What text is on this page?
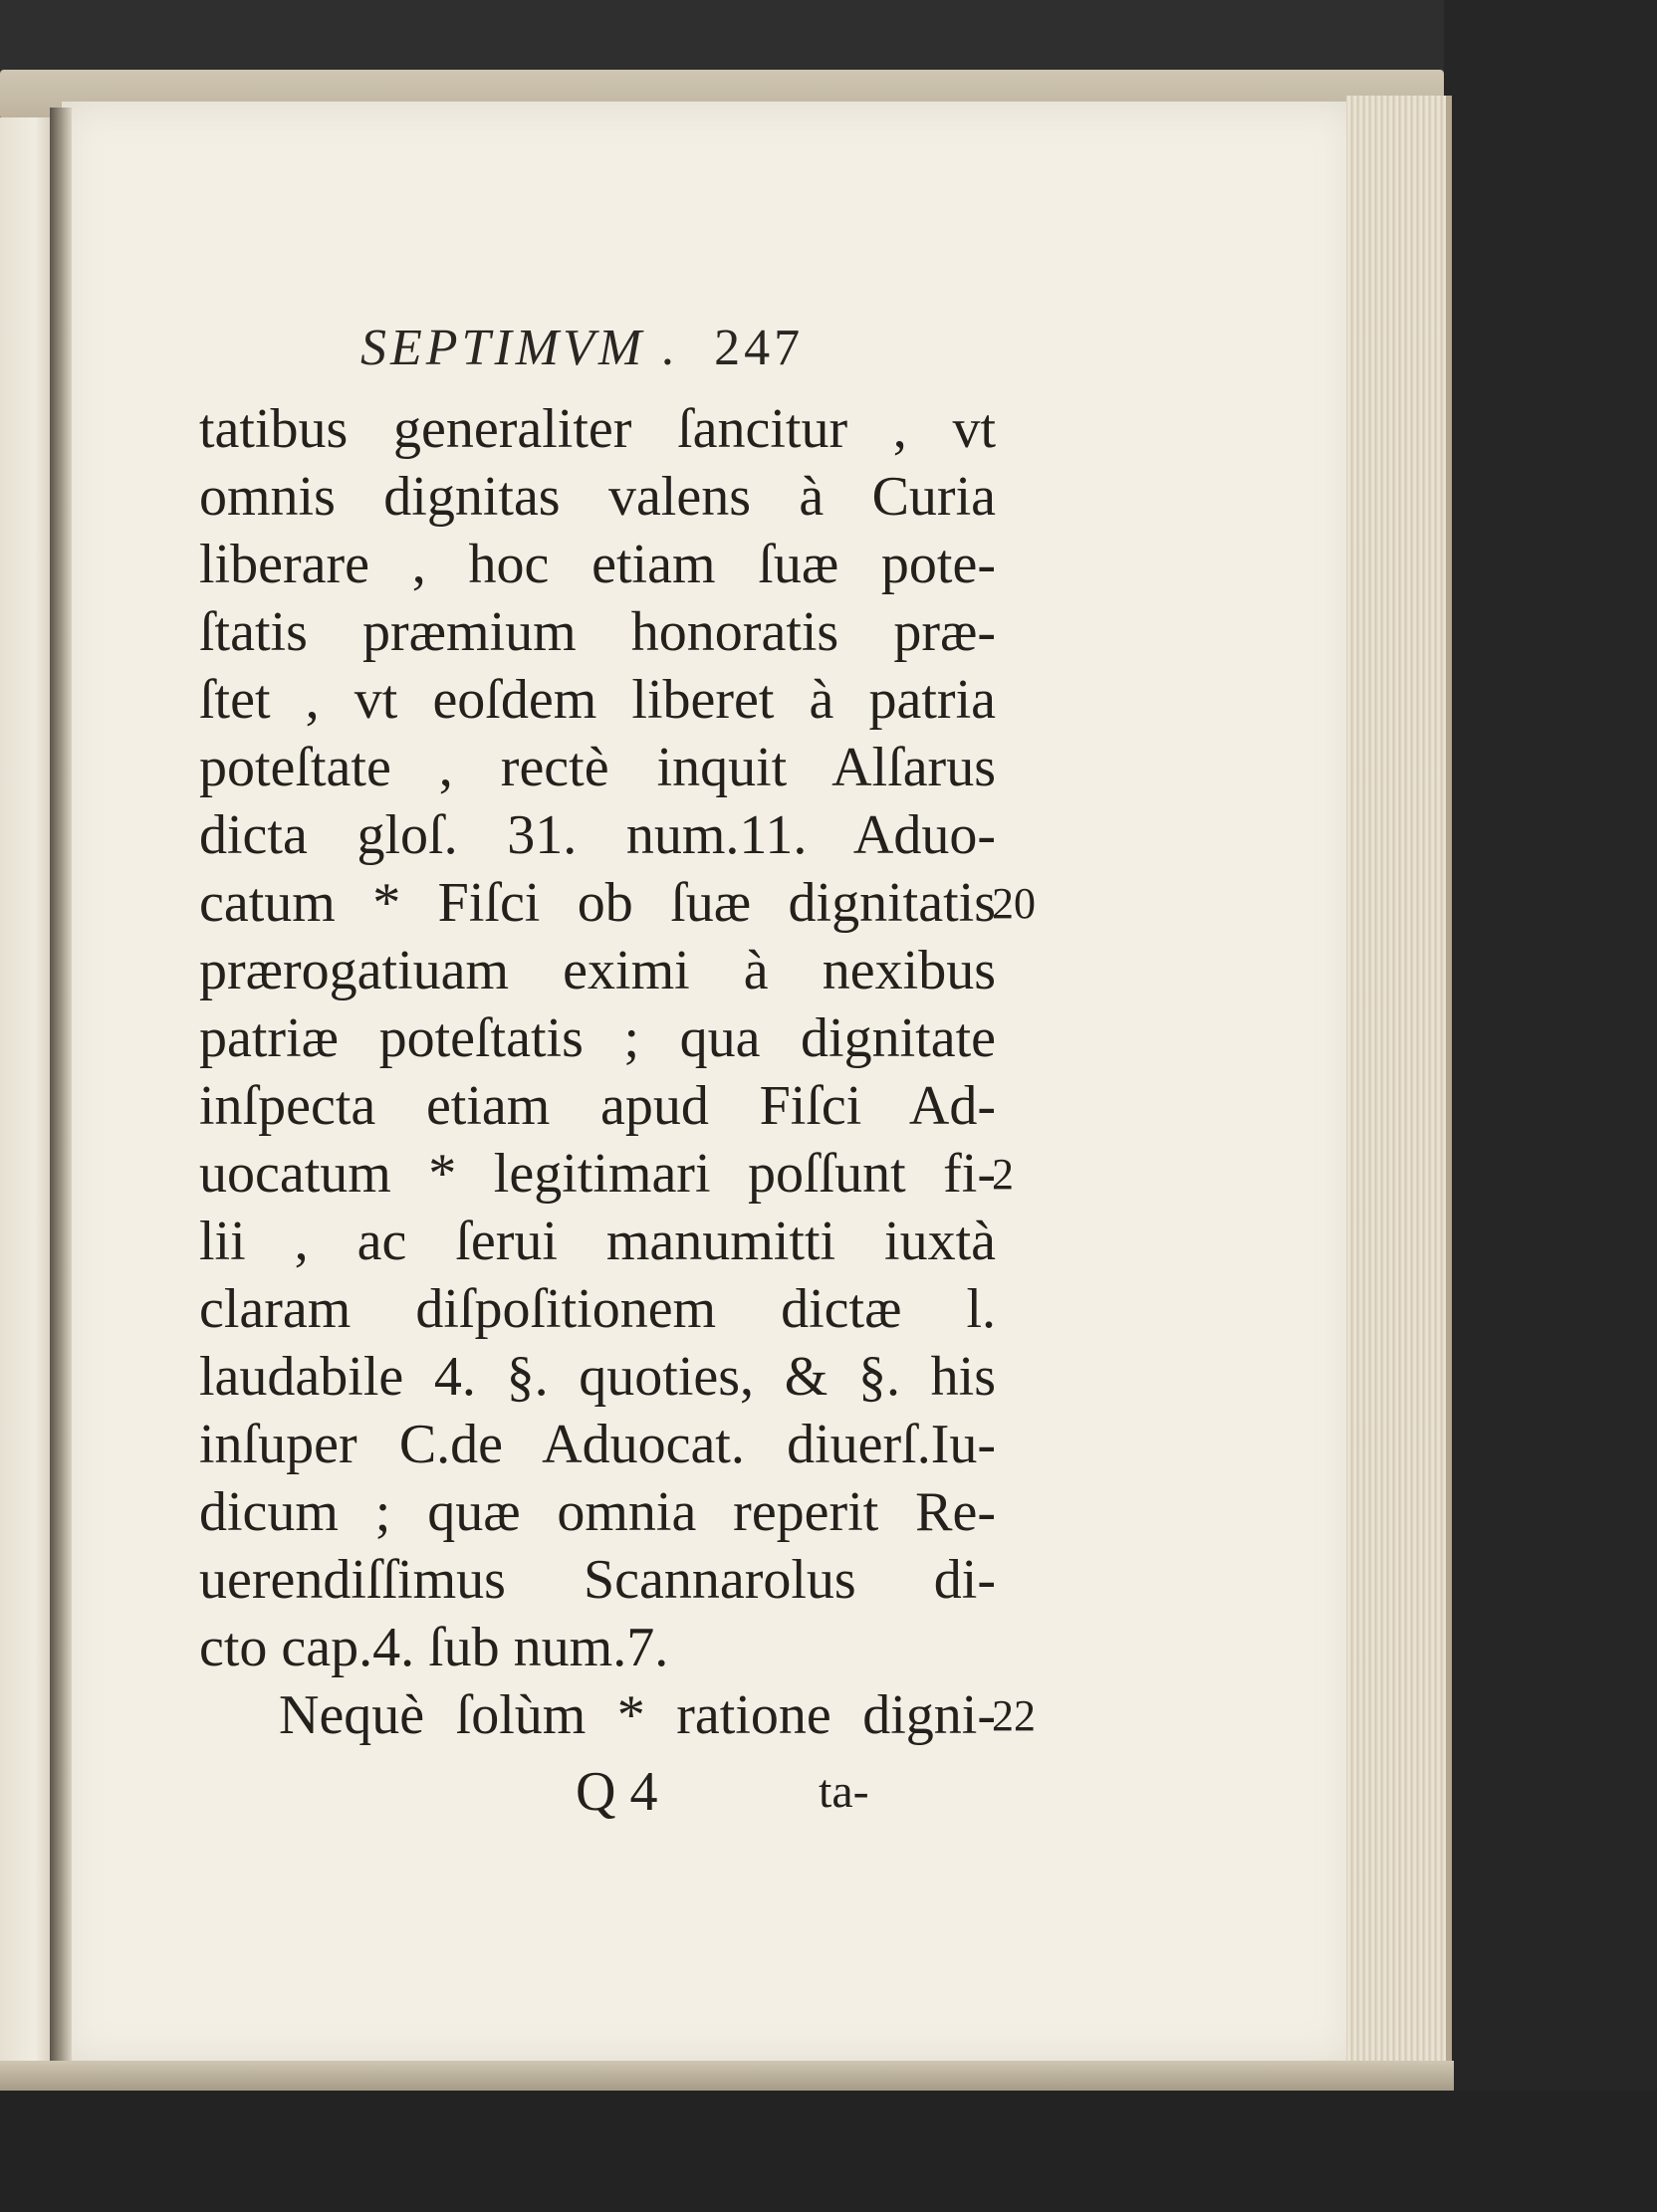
SEPTIMVM . 247
tatibus generaliter ſancitur , vt
omnis dignitas valens à Curia
liberare , hoc etiam ſuæ pote-
ſtatis præmium honoratis præ-
ſtet , vt eoſdem liberet à patria
poteſtate , rectè inquit Alſarus
dicta gloſ. 31. num.11. Aduo-
catum * Fiſci ob ſuæ dignitatis
prærogatiuam eximi à nexibus
patriæ poteſtatis ; qua dignitate
inſpecta etiam apud Fiſci Ad-
uocatum * legitimari poſſunt fi-
lii , ac ſerui manumitti iuxtà
claram diſpoſitionem dictæ l.
laudabile 4. §. quoties, & §. his
inſuper C.de Aduocat. diuerſ.Iu-
dicum ; quæ omnia reperit Re-
uerendiſſimus Scannarolus di-
cto cap.4. ſub num.7.
Nequè ſolùm * ratione digni-
20
2
22
Q 4	ta-
